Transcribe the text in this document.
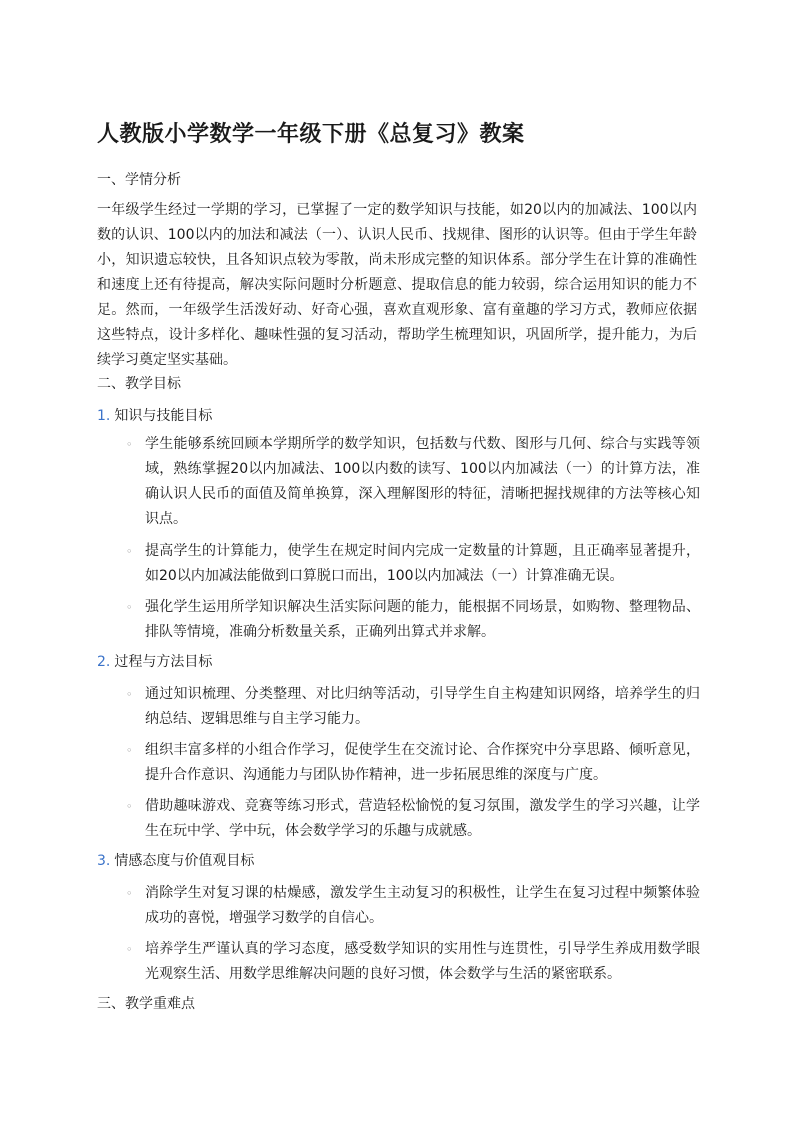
人教版小学数学一年级下册《总复习》教案

一、学情分析

一年级学生经过一学期的学习，已掌握了一定的数学知识与技能，如20以内的加减法、100以内数的认识、100以内的加法和减法（一）、认识人民币、找规律、图形的认识等。但由于学生年龄小，知识遗忘较快，且各知识点较为零散，尚未形成完整的知识体系。部分学生在计算的准确性和速度上还有待提高，解决实际问题时分析题意、提取信息的能力较弱，综合运用知识的能力不足。然而，一年级学生活泼好动、好奇心强，喜欢直观形象、富有童趣的学习方式，教师应依据这些特点，设计多样化、趣味性强的复习活动，帮助学生梳理知识，巩固所学，提升能力，为后续学习奠定坚实基础。

二、教学目标

1. 知识与技能目标

◦ 学生能够系统回顾本学期所学的数学知识，包括数与代数、图形与几何、综合与实践等领域，熟练掌握20以内加减法、100以内数的读写、100以内加减法（一）的计算方法，准确认识人民币的面值及简单换算，深入理解图形的特征，清晰把握找规律的方法等核心知识点。
◦ 提高学生的计算能力，使学生在规定时间内完成一定数量的计算题，且正确率显著提升，如20以内加减法能做到口算脱口而出，100以内加减法（一）计算准确无误。
◦ 强化学生运用所学知识解决生活实际问题的能力，能根据不同场景，如购物、整理物品、排队等情境，准确分析数量关系，正确列出算式并求解。

2. 过程与方法目标

◦ 通过知识梳理、分类整理、对比归纳等活动，引导学生自主构建知识网络，培养学生的归纳总结、逻辑思维与自主学习能力。
◦ 组织丰富多样的小组合作学习，促使学生在交流讨论、合作探究中分享思路、倾听意见，提升合作意识、沟通能力与团队协作精神，进一步拓展思维的深度与广度。
◦ 借助趣味游戏、竞赛等练习形式，营造轻松愉悦的复习氛围，激发学生的学习兴趣，让学生在玩中学、学中玩，体会数学学习的乐趣与成就感。

3. 情感态度与价值观目标

◦ 消除学生对复习课的枯燥感，激发学生主动复习的积极性，让学生在复习过程中频繁体验成功的喜悦，增强学习数学的自信心。
◦ 培养学生严谨认真的学习态度，感受数学知识的实用性与连贯性，引导学生养成用数学眼光观察生活、用数学思维解决问题的良好习惯，体会数学与生活的紧密联系。

三、教学重难点
